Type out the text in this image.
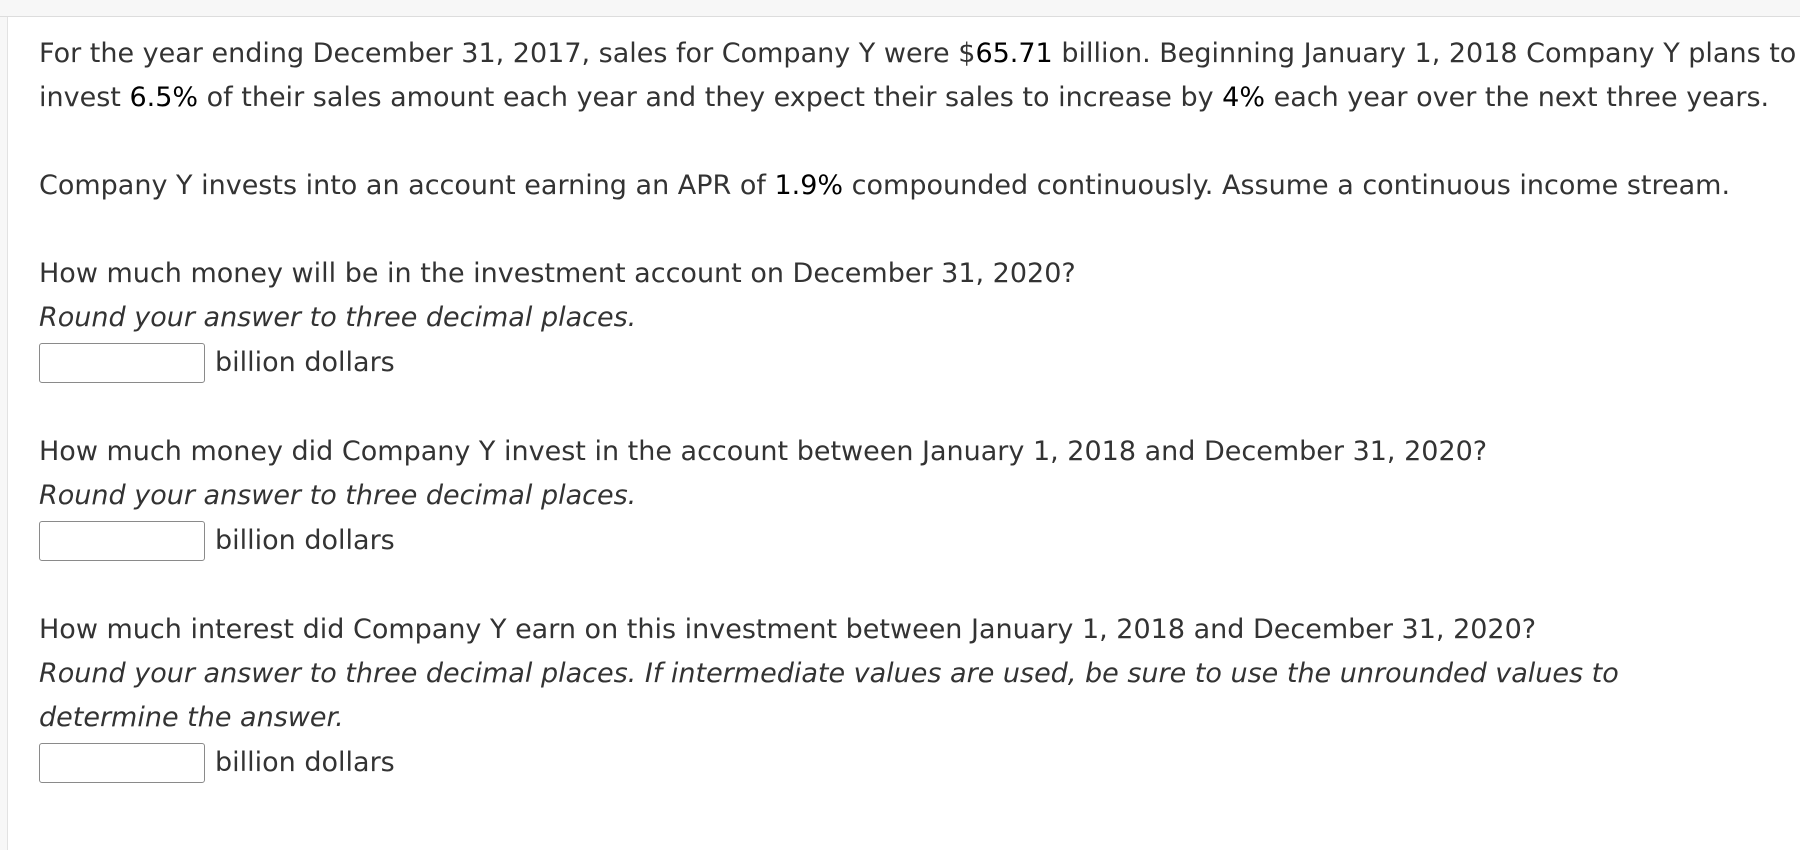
For the year ending December 31, 2017, sales for Company Y were $65.71 billion. Beginning January 1, 2018 Company Y plans to invest 6.5% of their sales amount each year and they expect their sales to increase by 4% each year over the next three years.

Company Y invests into an account earning an APR of 1.9% compounded continuously. Assume a continuous income stream.

How much money will be in the investment account on December 31, 2020?

Round your answer to three decimal places.

billion dollars

How much money did Company Y invest in the account between January 1, 2018 and December 31, 2020?

Round your answer to three decimal places.

billion dollars

How much interest did Company Y earn on this investment between January 1, 2018 and December 31, 2020?

Round your answer to three decimal places. If intermediate values are used, be sure to use the unrounded values to determine the answer.

billion dollars
